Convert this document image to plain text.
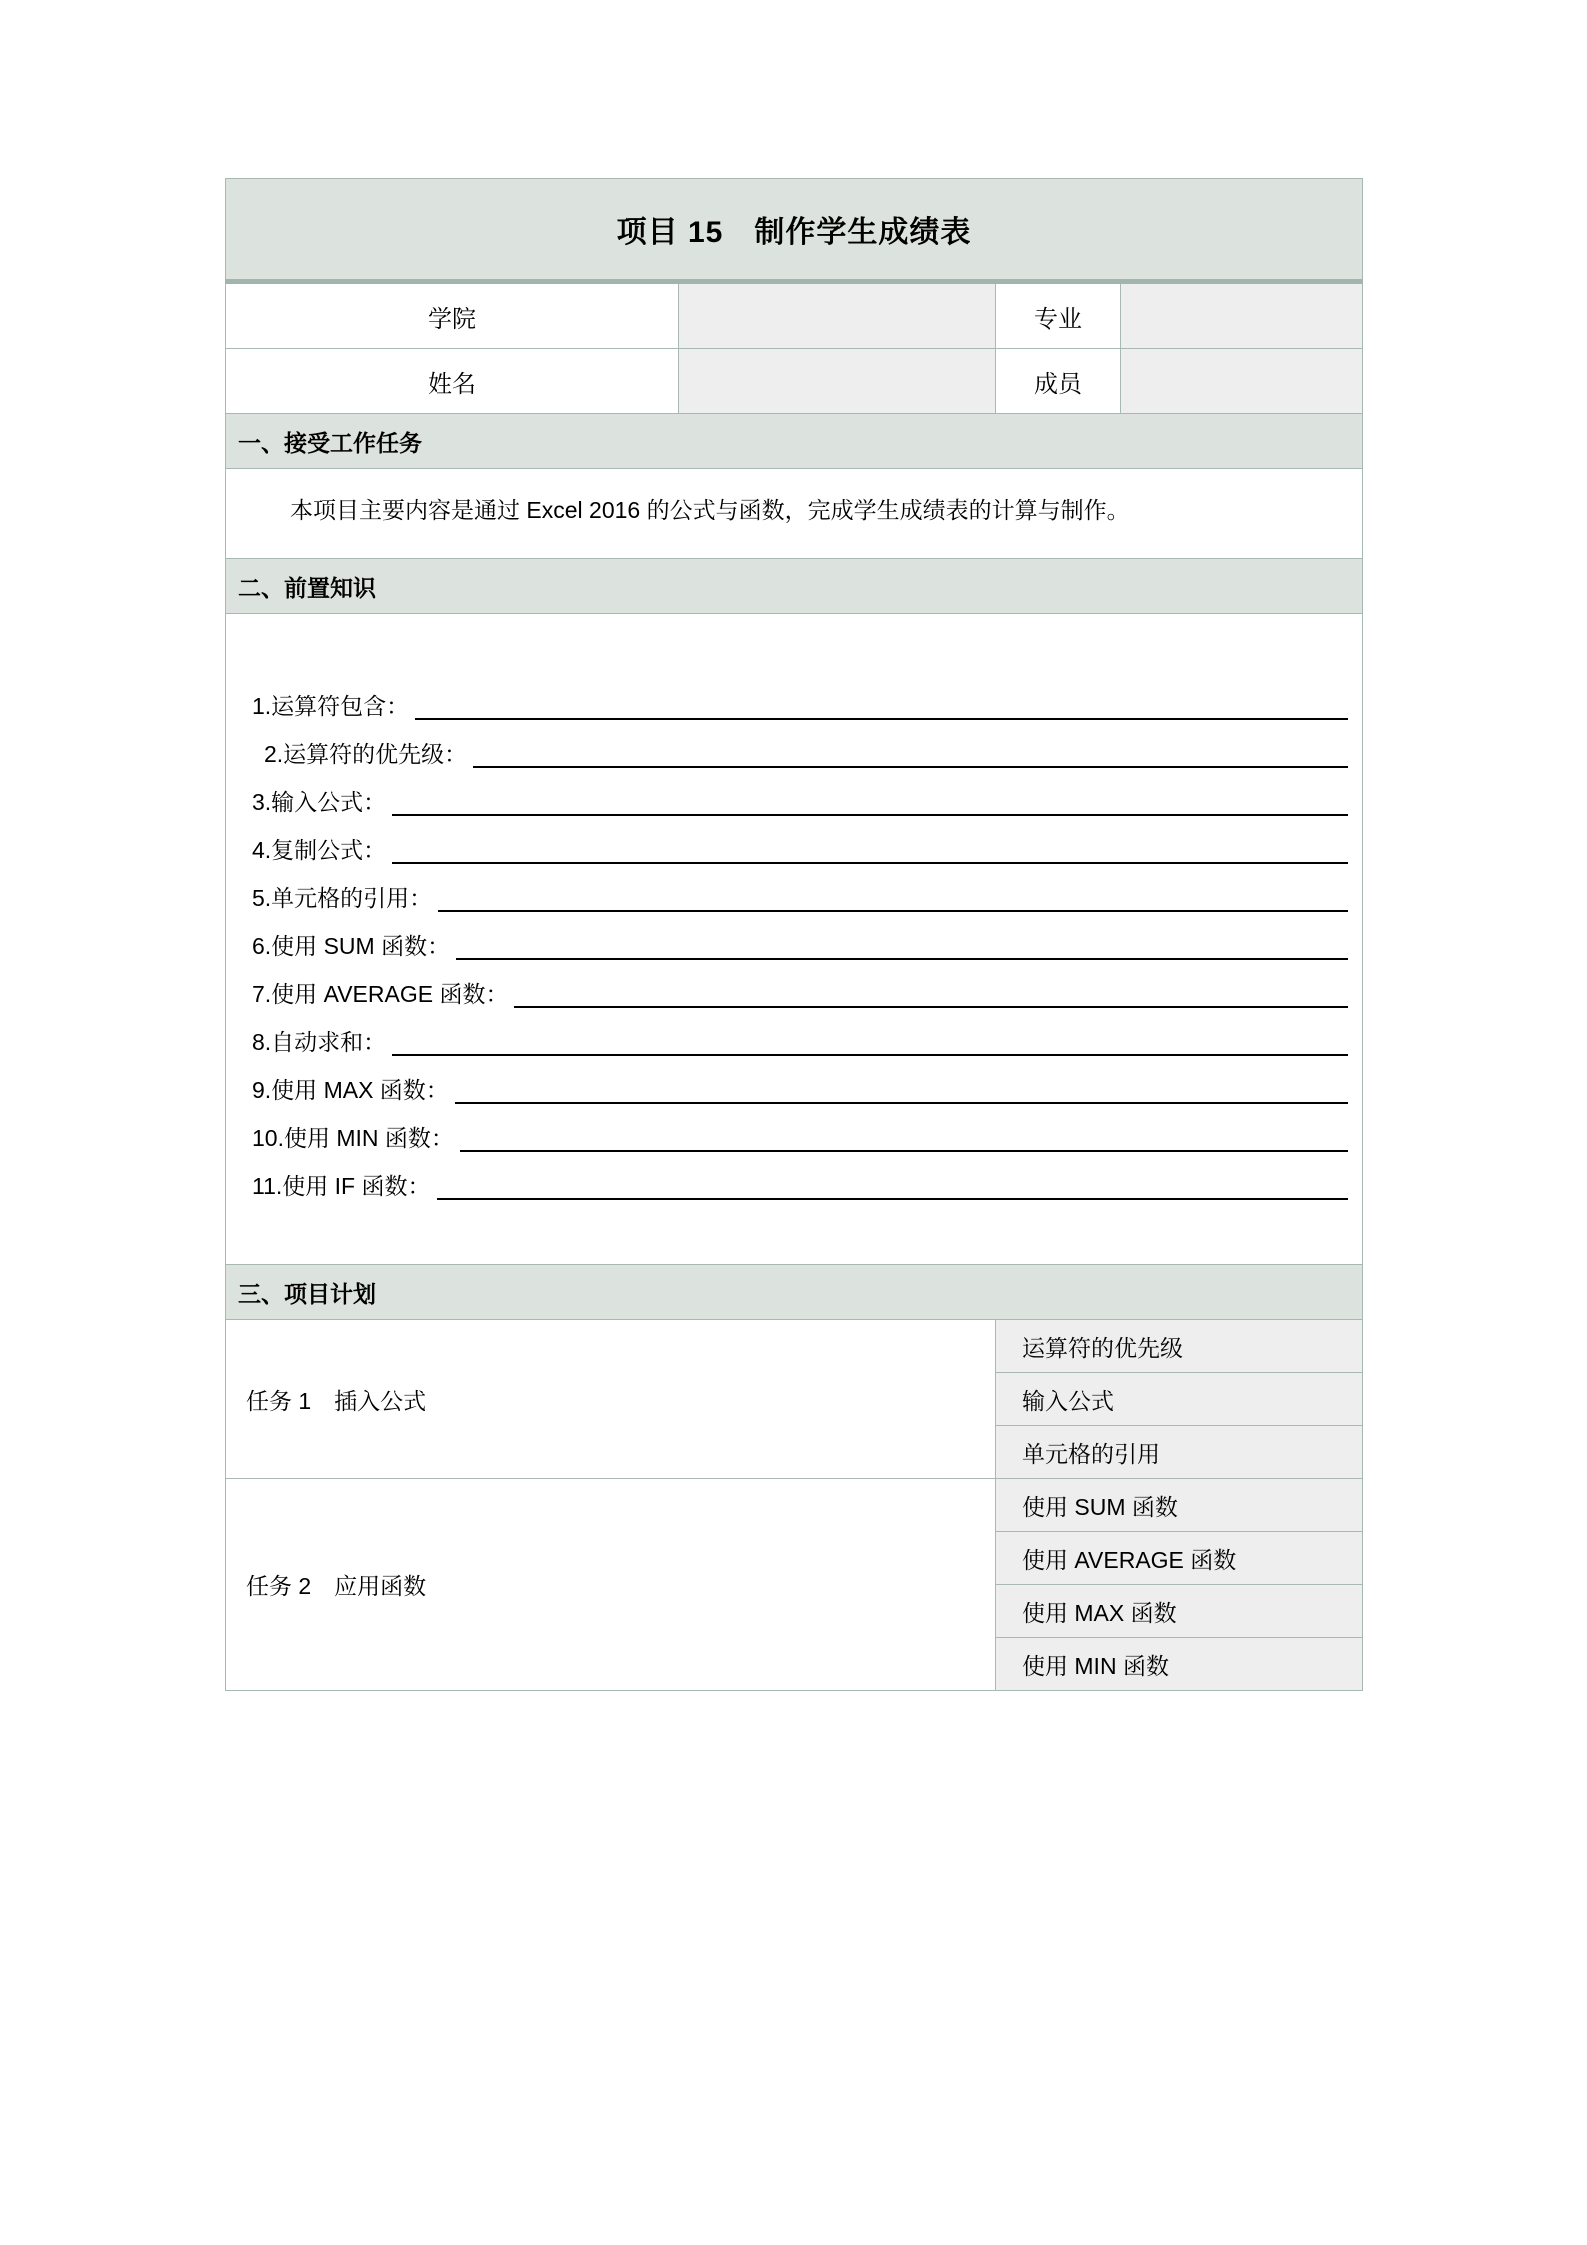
项目 15　制作学生成绩表			
学院		专业	
姓名		成员	
一、接受工作任务			

本项目主要内容是通过 Excel 2016 的公式与函数，完成学生成绩表的计算与制作。			

二、前置知识			

1.运算符包含：
2.运算符的优先级：
3.输入公式：
4.复制公式：
5.单元格的引用：
6.使用 SUM 函数：
7.使用 AVERAGE 函数：
8.自动求和：
9.使用 MAX 函数：
10.使用 MIN 函数：
11.使用 IF 函数：

三、项目计划			
任务 1　插入公式		运算符的优先级	
		输入公式	
		单元格的引用	
任务 2　应用函数		使用 SUM 函数	
		使用 AVERAGE 函数	
		使用 MAX 函数	
		使用 MIN 函数	
